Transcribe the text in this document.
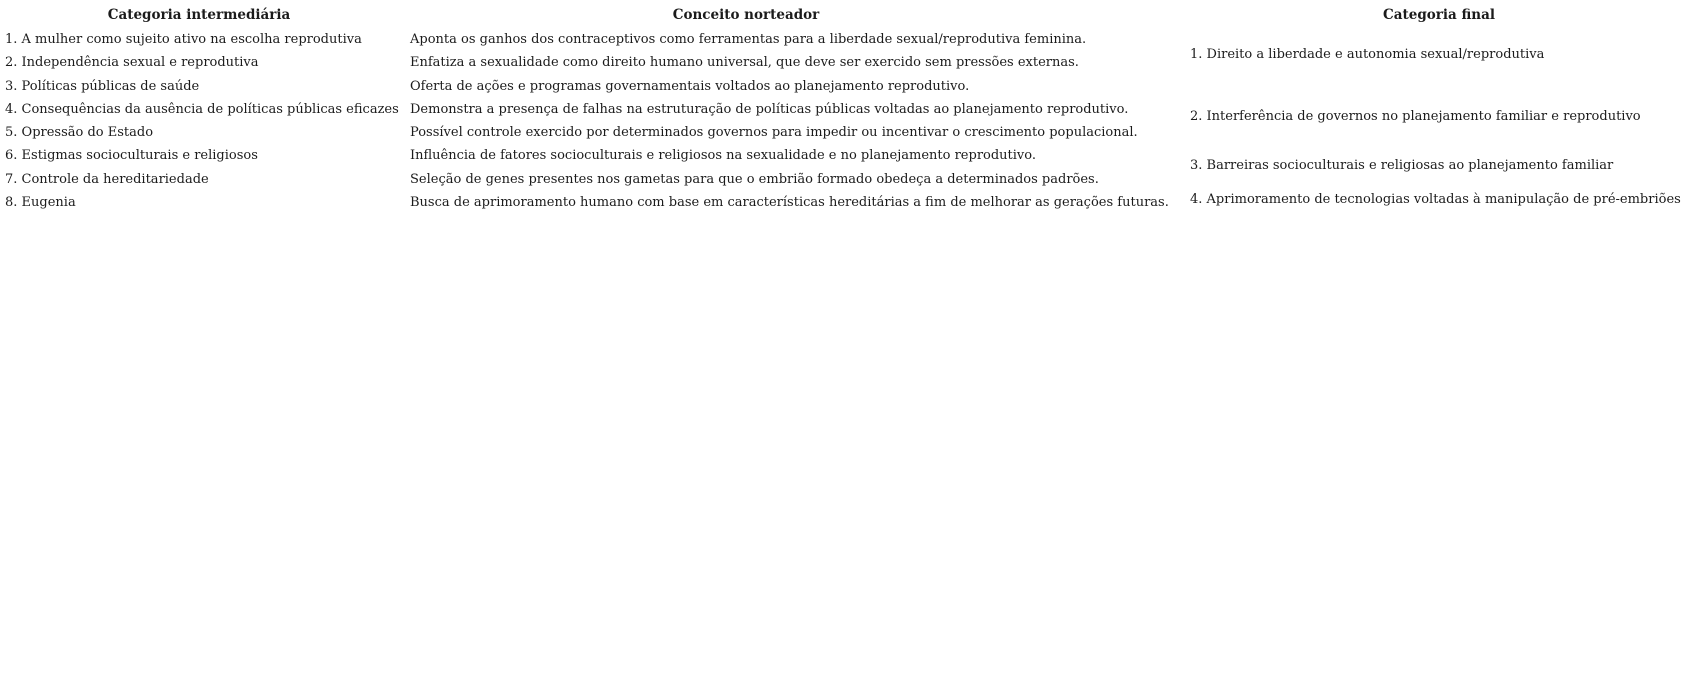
Categoria intermediária	Conceito norteador	Categoria final
1. A mulher como sujeito ativo na escolha reprodutiva
2. Independência sexual e reprodutiva
3. Políticas públicas de saúde
4. Consequências da ausência de políticas públicas eficazes
5. Opressão do Estado
6. Estigmas socioculturais e religiosos
7. Controle da hereditariedade
8. Eugenia
Aponta os ganhos dos contraceptivos como ferramentas para a liberdade sexual/reprodutiva feminina.
Enfatiza a sexualidade como direito humano universal, que deve ser exercido sem pressões externas.
Oferta de ações e programas governamentais voltados ao planejamento reprodutivo.
Demonstra a presença de falhas na estruturação de políticas públicas voltadas ao planejamento reprodutivo.
Possível controle exercido por determinados governos para impedir ou incentivar o crescimento populacional.
Influência de fatores socioculturais e religiosos na sexualidade e no planejamento reprodutivo.
Seleção de genes presentes nos gametas para que o embrião formado obedeça a determinados padrões.
Busca de aprimoramento humano com base em características hereditárias a fim de melhorar as gerações futuras.
1. Direito a liberdade e autonomia sexual/reprodutiva
2. Interferência de governos no planejamento familiar e reprodutivo
3. Barreiras socioculturais e religiosas ao planejamento familiar
4. Aprimoramento de tecnologias voltadas à manipulação de pré-embriões
